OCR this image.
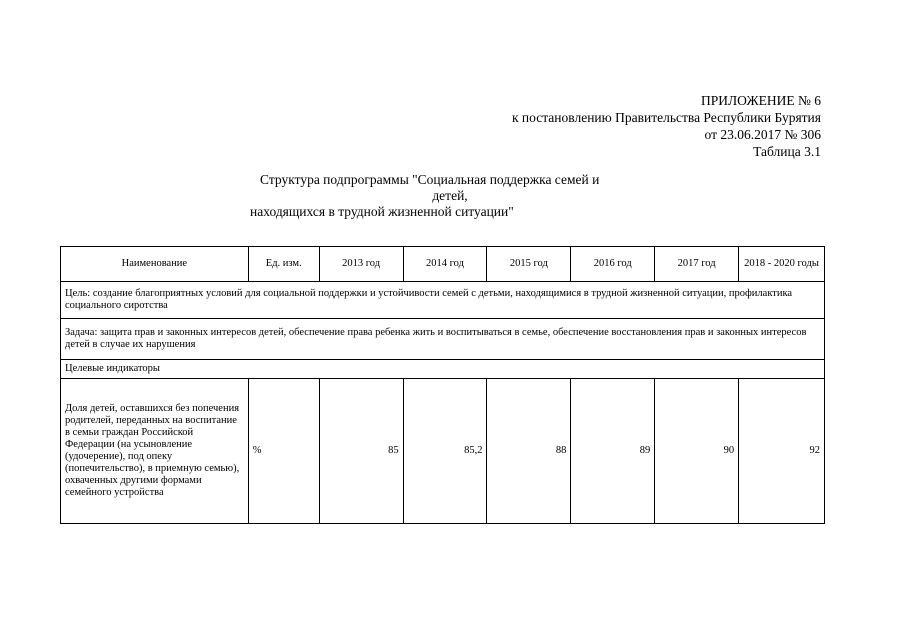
ПРИЛОЖЕНИЕ № 6
к постановлению Правительства Республики Бурятия
от 23.06.2017 № 306
Таблица 3.1
Структура подпрограммы "Социальная поддержка семей и
детей,
находящихся в трудной жизненной ситуации"
Наименование	Ед. изм.	2013 год	2014 год	2015 год	2016 год	2017 год	2018 - 2020 годы
Цель: создание благоприятных условий для социальной поддержки и устойчивости семей с детьми, находящимися в трудной жизненной ситуации, профилактика социального сиротства							
Задача: защита прав и законных интересов детей, обеспечение права ребенка жить и воспитываться в семье, обеспечение восстановления прав и законных интересов детей в случае их нарушения							
Целевые индикаторы							
Доля детей, оставшихся без попечения родителей, переданных на воспитание в семьи граждан Российской Федерации (на усыновление (удочерение), под опеку (попечительство), в приемную семью), охваченных другими формами семейного устройства	%	85	85,2	88	89	90	92
